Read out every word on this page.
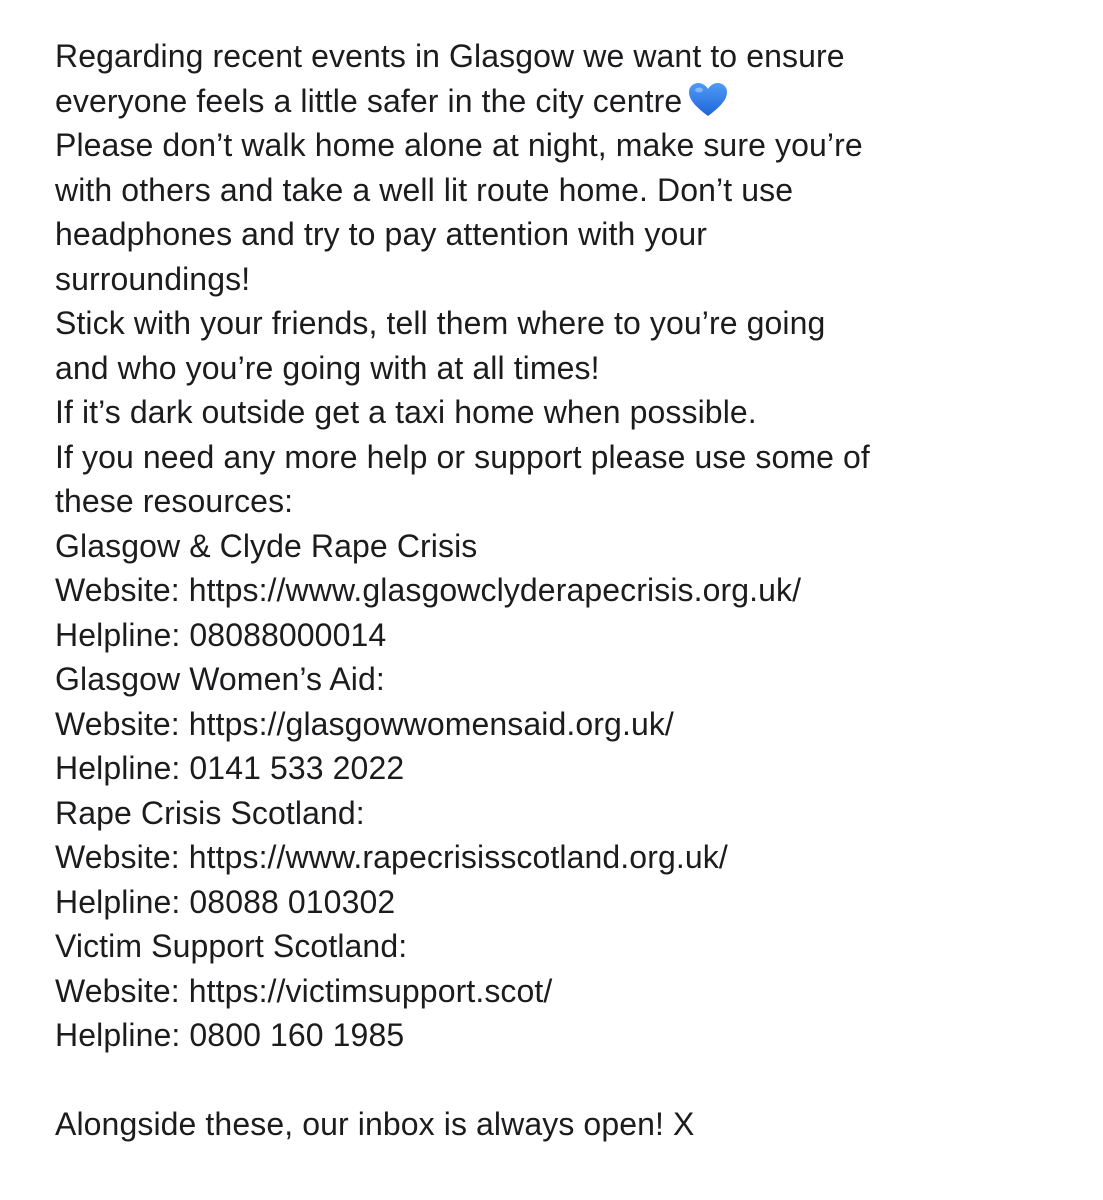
Regarding recent events in Glasgow we want to ensure
everyone feels a little safer in the city centre
Please don’t walk home alone at night, make sure you’re
with others and take a well lit route home. Don’t use
headphones and try to pay attention with your
surroundings!
Stick with your friends, tell them where to you’re going
and who you’re going with at all times!
If it’s dark outside get a taxi home when possible.
If you need any more help or support please use some of
these resources:
Glasgow & Clyde Rape Crisis
Website: https://www.glasgowclyderapecrisis.org.uk/
Helpline: 08088000014
Glasgow Women’s Aid:
Website: https://glasgowwomensaid.org.uk/
Helpline: 0141 533 2022
Rape Crisis Scotland:
Website: https://www.rapecrisisscotland.org.uk/
Helpline: 08088 010302
Victim Support Scotland:
Website: https://victimsupport.scot/
Helpline: 0800 160 1985
Alongside these, our inbox is always open! X
